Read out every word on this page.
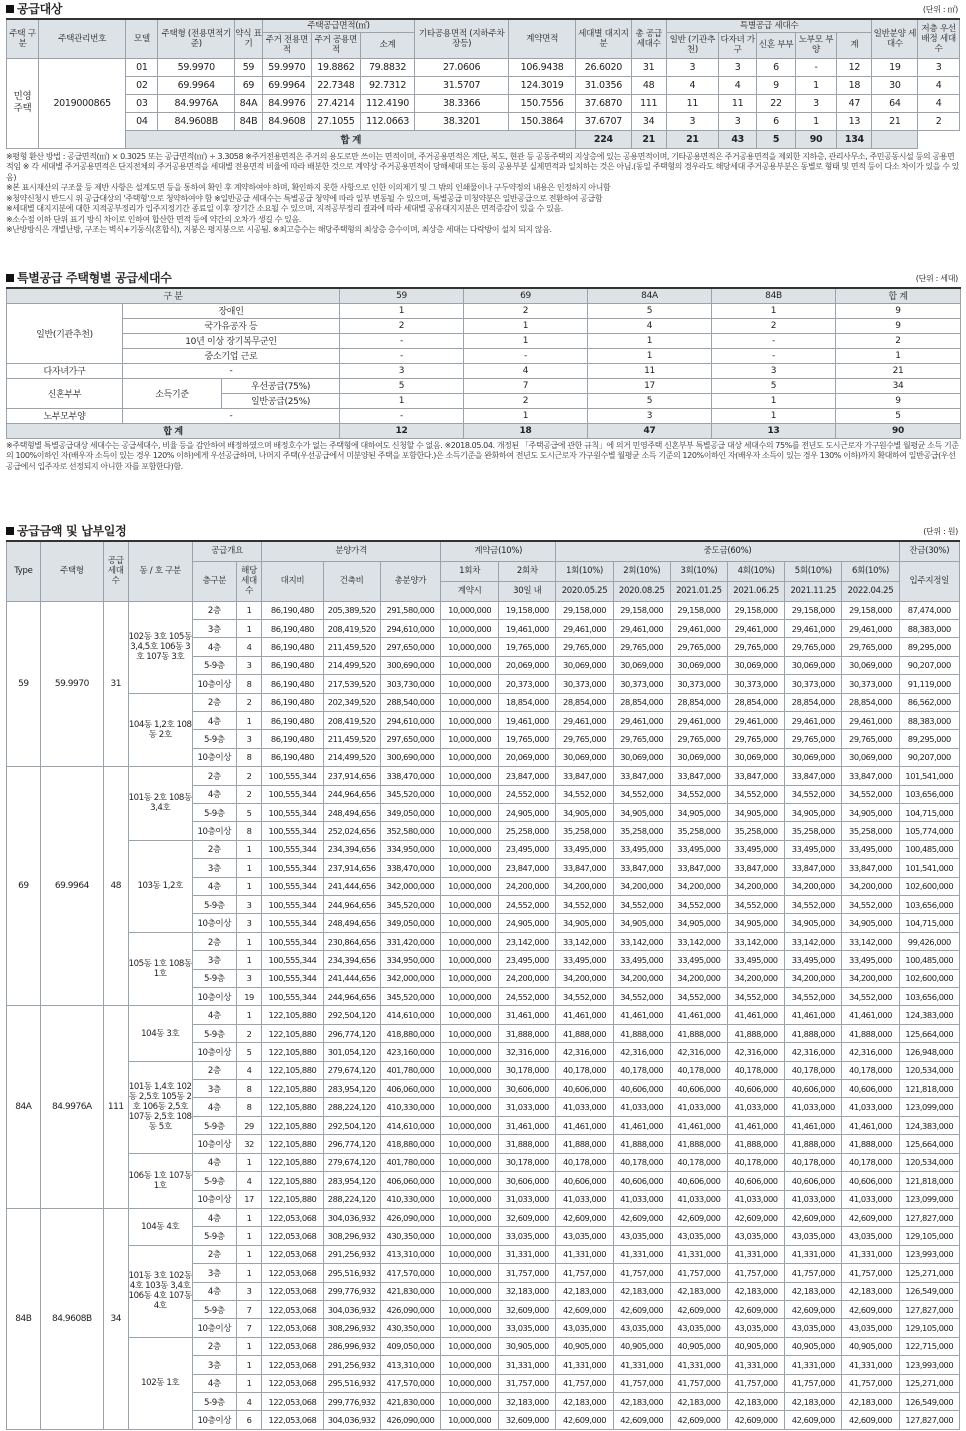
공급대상	(단위 : ㎡)
주택 구분	주택관리번호	모델	주택형 (전용면적기준)	약식 표기	주택공급면적(㎡)			기타공용면적 (지하주차장등)	계약면적	세대별 대지지분	총 공급 세대수	특별공급 세대수					일반분양 세대수	저층 우선배정 세대수
					주거 전용면적	주거 공용면적	소계					일반 (기관추천)	다자녀 가구	신혼 부부	노부모 부양	계		
민영 주택	2019000865	01	59.9970	59	59.9970	19.8862	79.8832	27.0606	106.9438	26.6020	31	3	3	6	-	12	19	3
		02	69.9964	69	69.9964	22.7348	92.7312	31.5707	124.3019	31.0356	48	4	4	9	1	18	30	4
		03	84.9976A	84A	84.9976	27.4214	112.4190	38.3366	150.7556	37.6870	111	11	11	22	3	47	64	4
		04	84.9608B	84B	84.9608	27.1055	112.0663	38.3201	150.3864	37.6707	34	3	3	6	1	13	21	2
		합 계								224	21	21	43	5	90	134		

※평형 환산 방법 : 공급면적(㎡) × 0.3025 또는 공급면적(㎡) ÷ 3.3058 ※주거전용면적은 주거의 용도로만 쓰이는 면적이며, 주거공용면적은 계단, 복도, 현관 등 공동주택의 지상층에 있는 공용면적이며, 기타공용면적은 주거공용면적을 제외한 지하층, 관리사무소, 주민공동시설 등의 공용면적임 ※ 각 세대별 주거공용면적은 단지전체의 주거공용면적을 세대별 전용면적 비율에 따라 배분한 것으로 계약상 주거공용면적이 당해세대 또는 동의 공용부분 실제면적과 일치하는 것은 아님.(동일 주택형의 경우라도 해당세대 주거공용부분은 동별로 형태 및 면적 등이 다소 차이가 있을 수 있음)

※본 표시재산의 구조물 등 제반 사항은 설계도면 등을 통하여 확인 후 계약하여야 하며, 확인하지 못한 사항으로 인한 이의제기 및 그 밖의 인쇄물이나 구두약정의 내용은 인정하지 아니함

※청약신청시 반드시 위 공급대상의 '주택형'으로 청약하여야 함 ※일반공급 세대수는 특별공급 청약에 따라 일부 변동될 수 있으며, 특별공급 미청약분은 일반공급으로 전환하여 공급함

※세대별 대지지분에 대한 지적공부정리가 입주지정기간 종료일 이후 장기간 소요될 수 있으며, 지적공부정리 결과에 따라 세대별 공유대지지분은 면적증감이 있을 수 있음.

※소수점 이하 단위 표기 방식 차이로 인하여 합산한 면적 등에 약간의 오차가 생길 수 있음.

※난방방식은 개별난방, 구조는 벽식+기둥식(혼합식), 지붕은 평지붕으로 시공됨. ※최고층수는 해당주택형의 최상층 층수이며, 최상층 세대는 다락방이 설치 되지 않음.

특별공급 주택형별 공급세대수	(단위 : 세대)
구 분			59	69	84A	84B	합 계
일반(기관추천)	장애인		1	2	5	1	9
	국가유공자 등		2	1	4	2	9
	10년 이상 장기복무군인		-	1	1	-	2
	중소기업 근로		-	-	1	-	1
다자녀가구	-		3	4	11	3	21
신혼부부	소득기준	우선공급(75%)	5	7	17	5	34
		일반공급(25%)	1	2	5	1	9
노부모부양	-		-	1	3	1	5
합 계			12	18	47	13	90

※주택형별 특별공급대상 세대수는 공급세대수, 비율 등을 감안하여 배정하였으며 배정호수가 없는 주택형에 대하여도 신청할 수 없음. ※2018.05.04. 개정된 「주택공급에 관한 규칙」에 의거 민영주택 신혼부부 특별공급 대상 세대수의 75%를 전년도 도시근로자 가구원수별 월평균 소득 기준의 100%이하인 자(배우자 소득이 있는 경우 120% 이하)에게 우선공급하며, 나머지 주택(우선공급에서 미분양된 주택을 포함한다.)은 소득기준을 완화하여 전년도 도시근로자 가구원수별 월평균 소득 기준의 120%이하인 자(배우자 소득이 있는 경우 130% 이하)까지 확대하여 일반공급(우선공급에서 입주자로 선정되지 아니한 자를 포함한다)함.

공급금액 및 납부일정	(단위 : 원)
Type	주택형	공급 세대 수	동 / 호 구분	공급개요		분양가격			계약금(10%)		중도금(60%)						잔금(30%)
				층구분	해당 세대 수	대지비	건축비	총분양가	1회차	2회차	1회(10%)	2회(10%)	3회(10%)	4회(10%)	5회(10%)	6회(10%)	입주지정일
									계약시	30일 내	2020.05.25	2020.08.25	2021.01.25	2021.06.25	2021.11.25	2022.04.25	
59	59.9970	31	102동 3호 105동 3,4,5호 106동 3호 107동 3호	2층	1	86,190,480	205,389,520	291,580,000	10,000,000	19,158,000	29,158,000	29,158,000	29,158,000	29,158,000	29,158,000	29,158,000	87,474,000
				3층	1	86,190,480	208,419,520	294,610,000	10,000,000	19,461,000	29,461,000	29,461,000	29,461,000	29,461,000	29,461,000	29,461,000	88,383,000
				4층	4	86,190,480	211,459,520	297,650,000	10,000,000	19,765,000	29,765,000	29,765,000	29,765,000	29,765,000	29,765,000	29,765,000	89,295,000
				5-9층	3	86,190,480	214,499,520	300,690,000	10,000,000	20,069,000	30,069,000	30,069,000	30,069,000	30,069,000	30,069,000	30,069,000	90,207,000
				10층이상	8	86,190,480	217,539,520	303,730,000	10,000,000	20,373,000	30,373,000	30,373,000	30,373,000	30,373,000	30,373,000	30,373,000	91,119,000
			104동 1,2호 108동 2호	2층	2	86,190,480	202,349,520	288,540,000	10,000,000	18,854,000	28,854,000	28,854,000	28,854,000	28,854,000	28,854,000	28,854,000	86,562,000
				4층	1	86,190,480	208,419,520	294,610,000	10,000,000	19,461,000	29,461,000	29,461,000	29,461,000	29,461,000	29,461,000	29,461,000	88,383,000
				5-9층	3	86,190,480	211,459,520	297,650,000	10,000,000	19,765,000	29,765,000	29,765,000	29,765,000	29,765,000	29,765,000	29,765,000	89,295,000
				10층이상	8	86,190,480	214,499,520	300,690,000	10,000,000	20,069,000	30,069,000	30,069,000	30,069,000	30,069,000	30,069,000	30,069,000	90,207,000
69	69.9964	48	101동 2호 108동 3,4호	2층	2	100,555,344	237,914,656	338,470,000	10,000,000	23,847,000	33,847,000	33,847,000	33,847,000	33,847,000	33,847,000	33,847,000	101,541,000
				4층	2	100,555,344	244,964,656	345,520,000	10,000,000	24,552,000	34,552,000	34,552,000	34,552,000	34,552,000	34,552,000	34,552,000	103,656,000
				5-9층	5	100,555,344	248,494,656	349,050,000	10,000,000	24,905,000	34,905,000	34,905,000	34,905,000	34,905,000	34,905,000	34,905,000	104,715,000
				10층이상	8	100,555,344	252,024,656	352,580,000	10,000,000	25,258,000	35,258,000	35,258,000	35,258,000	35,258,000	35,258,000	35,258,000	105,774,000
			103동 1,2호	2층	1	100,555,344	234,394,656	334,950,000	10,000,000	23,495,000	33,495,000	33,495,000	33,495,000	33,495,000	33,495,000	33,495,000	100,485,000
				3층	1	100,555,344	237,914,656	338,470,000	10,000,000	23,847,000	33,847,000	33,847,000	33,847,000	33,847,000	33,847,000	33,847,000	101,541,000
				4층	1	100,555,344	241,444,656	342,000,000	10,000,000	24,200,000	34,200,000	34,200,000	34,200,000	34,200,000	34,200,000	34,200,000	102,600,000
				5-9층	3	100,555,344	244,964,656	345,520,000	10,000,000	24,552,000	34,552,000	34,552,000	34,552,000	34,552,000	34,552,000	34,552,000	103,656,000
				10층이상	3	100,555,344	248,494,656	349,050,000	10,000,000	24,905,000	34,905,000	34,905,000	34,905,000	34,905,000	34,905,000	34,905,000	104,715,000
			105동 1호 108동 1호	2층	1	100,555,344	230,864,656	331,420,000	10,000,000	23,142,000	33,142,000	33,142,000	33,142,000	33,142,000	33,142,000	33,142,000	99,426,000
				3층	1	100,555,344	234,394,656	334,950,000	10,000,000	23,495,000	33,495,000	33,495,000	33,495,000	33,495,000	33,495,000	33,495,000	100,485,000
				5-9층	3	100,555,344	241,444,656	342,000,000	10,000,000	24,200,000	34,200,000	34,200,000	34,200,000	34,200,000	34,200,000	34,200,000	102,600,000
				10층이상	19	100,555,344	244,964,656	345,520,000	10,000,000	24,552,000	34,552,000	34,552,000	34,552,000	34,552,000	34,552,000	34,552,000	103,656,000
84A	84.9976A	111	104동 3호	4층	1	122,105,880	292,504,120	414,610,000	10,000,000	31,461,000	41,461,000	41,461,000	41,461,000	41,461,000	41,461,000	41,461,000	124,383,000
				5-9층	2	122,105,880	296,774,120	418,880,000	10,000,000	31,888,000	41,888,000	41,888,000	41,888,000	41,888,000	41,888,000	41,888,000	125,664,000
				10층이상	5	122,105,880	301,054,120	423,160,000	10,000,000	32,316,000	42,316,000	42,316,000	42,316,000	42,316,000	42,316,000	42,316,000	126,948,000
			101동 1,4호 102동 2,5호 105동 2호 106동 2,5호 107동 2,5호 108동 5호	2층	4	122,105,880	279,674,120	401,780,000	10,000,000	30,178,000	40,178,000	40,178,000	40,178,000	40,178,000	40,178,000	40,178,000	120,534,000
				3층	8	122,105,880	283,954,120	406,060,000	10,000,000	30,606,000	40,606,000	40,606,000	40,606,000	40,606,000	40,606,000	40,606,000	121,818,000
				4층	8	122,105,880	288,224,120	410,330,000	10,000,000	31,033,000	41,033,000	41,033,000	41,033,000	41,033,000	41,033,000	41,033,000	123,099,000
				5-9층	29	122,105,880	292,504,120	414,610,000	10,000,000	31,461,000	41,461,000	41,461,000	41,461,000	41,461,000	41,461,000	41,461,000	124,383,000
				10층이상	32	122,105,880	296,774,120	418,880,000	10,000,000	31,888,000	41,888,000	41,888,000	41,888,000	41,888,000	41,888,000	41,888,000	125,664,000
			106동 1호 107동 1호	4층	1	122,105,880	279,674,120	401,780,000	10,000,000	30,178,000	40,178,000	40,178,000	40,178,000	40,178,000	40,178,000	40,178,000	120,534,000
				5-9층	4	122,105,880	283,954,120	406,060,000	10,000,000	30,606,000	40,606,000	40,606,000	40,606,000	40,606,000	40,606,000	40,606,000	121,818,000
				10층이상	17	122,105,880	288,224,120	410,330,000	10,000,000	31,033,000	41,033,000	41,033,000	41,033,000	41,033,000	41,033,000	41,033,000	123,099,000
84B	84.9608B	34	104동 4호	4층	1	122,053,068	304,036,932	426,090,000	10,000,000	32,609,000	42,609,000	42,609,000	42,609,000	42,609,000	42,609,000	42,609,000	127,827,000
				5-9층	1	122,053,068	308,296,932	430,350,000	10,000,000	33,035,000	43,035,000	43,035,000	43,035,000	43,035,000	43,035,000	43,035,000	129,105,000
			101동 3호 102동 4호 103동 3,4호 106동 4호 107동 4호	2층	1	122,053,068	291,256,932	413,310,000	10,000,000	31,331,000	41,331,000	41,331,000	41,331,000	41,331,000	41,331,000	41,331,000	123,993,000
				3층	1	122,053,068	295,516,932	417,570,000	10,000,000	31,757,000	41,757,000	41,757,000	41,757,000	41,757,000	41,757,000	41,757,000	125,271,000
				4층	3	122,053,068	299,776,932	421,830,000	10,000,000	32,183,000	42,183,000	42,183,000	42,183,000	42,183,000	42,183,000	42,183,000	126,549,000
				5-9층	7	122,053,068	304,036,932	426,090,000	10,000,000	32,609,000	42,609,000	42,609,000	42,609,000	42,609,000	42,609,000	42,609,000	127,827,000
				10층이상	7	122,053,068	308,296,932	430,350,000	10,000,000	33,035,000	43,035,000	43,035,000	43,035,000	43,035,000	43,035,000	43,035,000	129,105,000
			102동 1호	2층	1	122,053,068	286,996,932	409,050,000	10,000,000	30,905,000	40,905,000	40,905,000	40,905,000	40,905,000	40,905,000	40,905,000	122,715,000
				3층	1	122,053,068	291,256,932	413,310,000	10,000,000	31,331,000	41,331,000	41,331,000	41,331,000	41,331,000	41,331,000	41,331,000	123,993,000
				4층	1	122,053,068	295,516,932	417,570,000	10,000,000	31,757,000	41,757,000	41,757,000	41,757,000	41,757,000	41,757,000	41,757,000	125,271,000
				5-9층	4	122,053,068	299,776,932	421,830,000	10,000,000	32,183,000	42,183,000	42,183,000	42,183,000	42,183,000	42,183,000	42,183,000	126,549,000
				10층이상	6	122,053,068	304,036,932	426,090,000	10,000,000	32,609,000	42,609,000	42,609,000	42,609,000	42,609,000	42,609,000	42,609,000	127,827,000
